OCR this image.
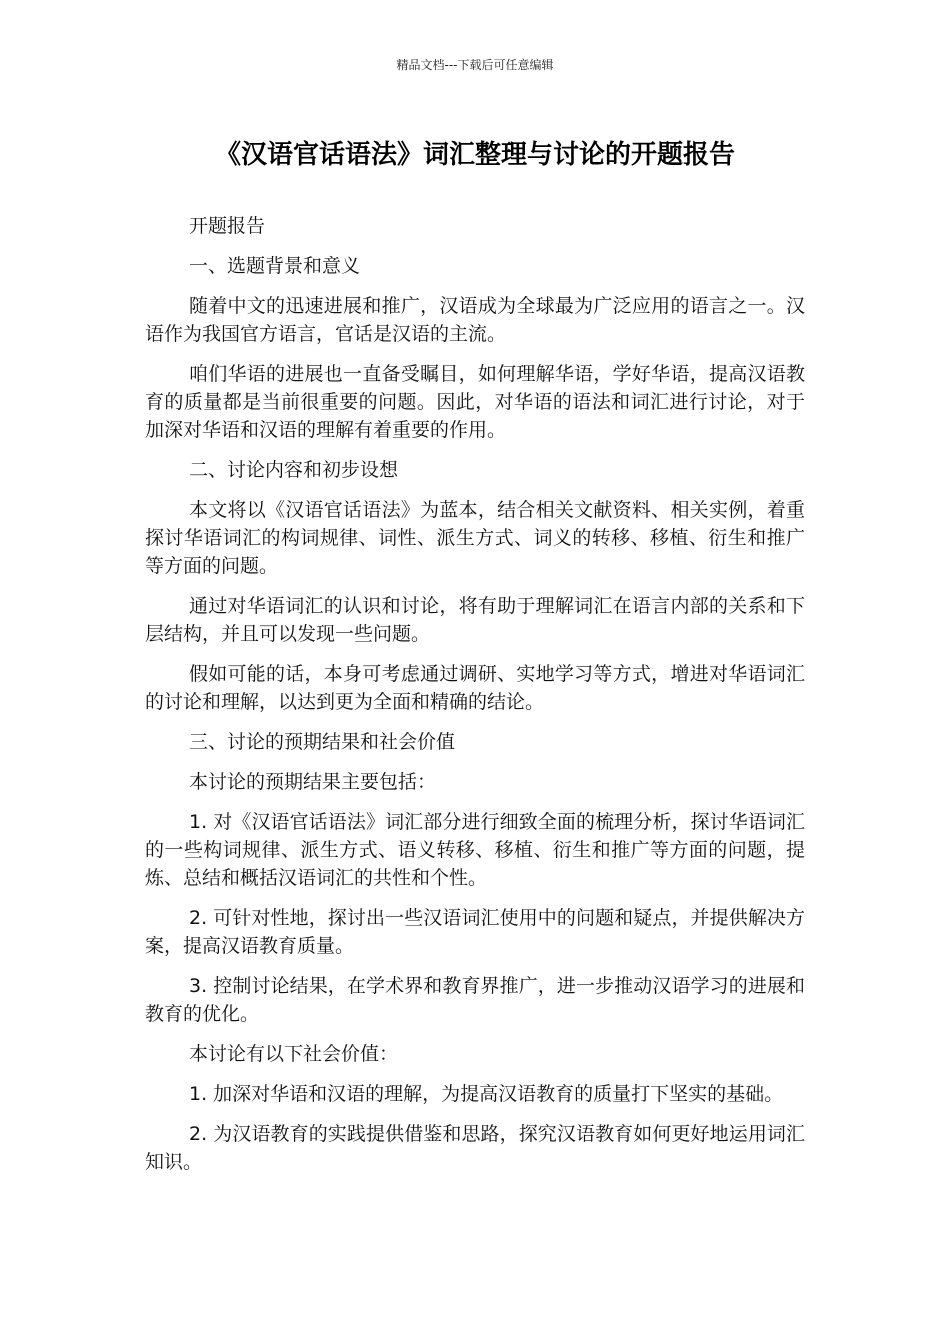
精品文档---下载后可任意编辑
《汉语官话语法》词汇整理与讨论的开题报告

开题报告

一、选题背景和意义

随着中文的迅速进展和推广，汉语成为全球最为广泛应用的语言之一。汉语作为我国官方语言，官话是汉语的主流。

咱们华语的进展也一直备受瞩目，如何理解华语，学好华语，提高汉语教育的质量都是当前很重要的问题。因此，对华语的语法和词汇进行讨论，对于加深对华语和汉语的理解有着重要的作用。

二、讨论内容和初步设想

本文将以《汉语官话语法》为蓝本，结合相关文献资料、相关实例，着重探讨华语词汇的构词规律、词性、派生方式、词义的转移、移植、衍生和推广等方面的问题。

通过对华语词汇的认识和讨论，将有助于理解词汇在语言内部的关系和下层结构，并且可以发现一些问题。

假如可能的话，本身可考虑通过调研、实地学习等方式，增进对华语词汇的讨论和理解，以达到更为全面和精确的结论。

三、讨论的预期结果和社会价值

本讨论的预期结果主要包括：

1. 对《汉语官话语法》词汇部分进行细致全面的梳理分析，探讨华语词汇的一些构词规律、派生方式、语义转移、移植、衍生和推广等方面的问题，提炼、总结和概括汉语词汇的共性和个性。

2. 可针对性地，探讨出一些汉语词汇使用中的问题和疑点，并提供解决方案，提高汉语教育质量。

3. 控制讨论结果，在学术界和教育界推广，进一步推动汉语学习的进展和教育的优化。

本讨论有以下社会价值：

1. 加深对华语和汉语的理解，为提高汉语教育的质量打下坚实的基础。

2. 为汉语教育的实践提供借鉴和思路，探究汉语教育如何更好地运用词汇知识。
